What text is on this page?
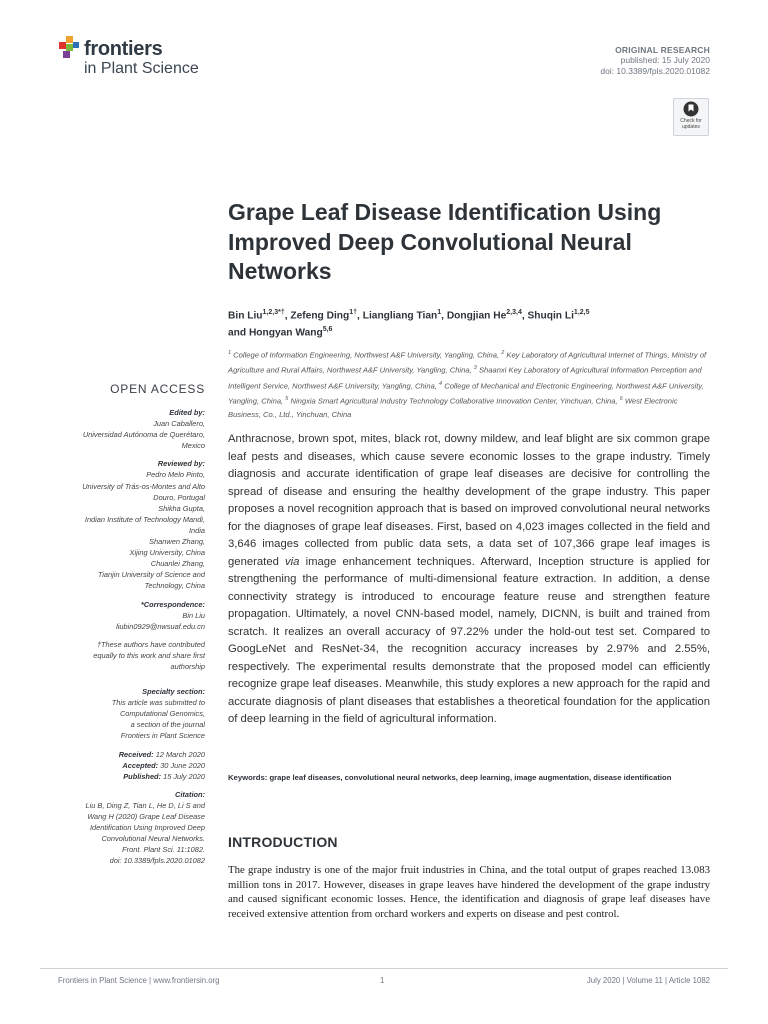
frontiers
in Plant Science
ORIGINAL RESEARCH
published: 15 July 2020
doi: 10.3389/fpls.2020.01082
Check for updates
Grape Leaf Disease Identification Using Improved Deep Convolutional Neural Networks
Bin Liu$^{1,2,3*\dagger}$, Zefeng Ding$^{1\dagger}$, Liangliang Tian$^1$, Dongjian He$^{2,3,4}$, Shuqin Li$^{1,2,5}$
and Hongyan Wang$^{5,6}$
$^1$ College of Information Engineering, Northwest A&F University, Yangling, China, $^2$ Key Laboratory of Agricultural Internet of Things, Ministry of Agriculture and Rural Affairs, Northwest A&F University, Yangling, China, $^3$ Shaanxi Key Laboratory of Agricultural Information Perception and Intelligent Service, Northwest A&F University, Yangling, China, $^4$ College of Mechanical and Electronic Engineering, Northwest A&F University, Yangling, China, $^5$ Ningxia Smart Agricultural Industry Technology Collaborative Innovation Center, Yinchuan, China, $^6$ West Electronic Business, Co., Ltd., Yinchuan, China
OPEN ACCESS
Edited by:
Juan Caballero,
Universidad Autónoma de Querétaro,
Mexico
Reviewed by:
Pedro Melo Pinto,
University of Trás-os-Montes and Alto
Douro, Portugal
Shikha Gupta,
Indian Institute of Technology Mandi,
India
Shanwen Zhang,
Xijing University, China
Chuanlei Zhang,
Tianjin University of Science and
Technology, China
*Correspondence:
Bin Liu
liubin0929@nwsuaf.edu.cn
†These authors have contributed
equally to this work and share first
authorship
Specialty section:
This article was submitted to
Computational Genomics,
a section of the journal
Frontiers in Plant Science
Received: 12 March 2020
Accepted: 30 June 2020
Published: 15 July 2020
Citation:
Liu B, Ding Z, Tian L, He D, Li S and
Wang H (2020) Grape Leaf Disease
Identification Using Improved Deep
Convolutional Neural Networks.
Front. Plant Sci. 11:1082.
doi: 10.3389/fpls.2020.01082
Anthracnose, brown spot, mites, black rot, downy mildew, and leaf blight are six common grape leaf pests and diseases, which cause severe economic losses to the grape industry. Timely diagnosis and accurate identification of grape leaf diseases are decisive for controlling the spread of disease and ensuring the healthy development of the grape industry. This paper proposes a novel recognition approach that is based on improved convolutional neural networks for the diagnoses of grape leaf diseases. First, based on 4,023 images collected in the field and 3,646 images collected from public data sets, a data set of 107,366 grape leaf images is generated via image enhancement techniques. Afterward, Inception structure is applied for strengthening the performance of multi-dimensional feature extraction. In addition, a dense connectivity strategy is introduced to encourage feature reuse and strengthen feature propagation. Ultimately, a novel CNN-based model, namely, DICNN, is built and trained from scratch. It realizes an overall accuracy of 97.22% under the hold-out test set. Compared to GoogLeNet and ResNet-34, the recognition accuracy increases by 2.97% and 2.55%, respectively. The experimental results demonstrate that the proposed model can efficiently recognize grape leaf diseases. Meanwhile, this study explores a new approach for the rapid and accurate diagnosis of plant diseases that establishes a theoretical foundation for the application of deep learning in the field of agricultural information.
Keywords: grape leaf diseases, convolutional neural networks, deep learning, image augmentation, disease identification
INTRODUCTION
The grape industry is one of the major fruit industries in China, and the total output of grapes reached 13.083 million tons in 2017. However, diseases in grape leaves have hindered the development of the grape industry and caused significant economic losses. Hence, the identification and diagnosis of grape leaf diseases have received extensive attention from orchard workers and experts on disease and pest control.
Frontiers in Plant Science | www.frontiersin.org	1	July 2020 | Volume 11 | Article 1082
